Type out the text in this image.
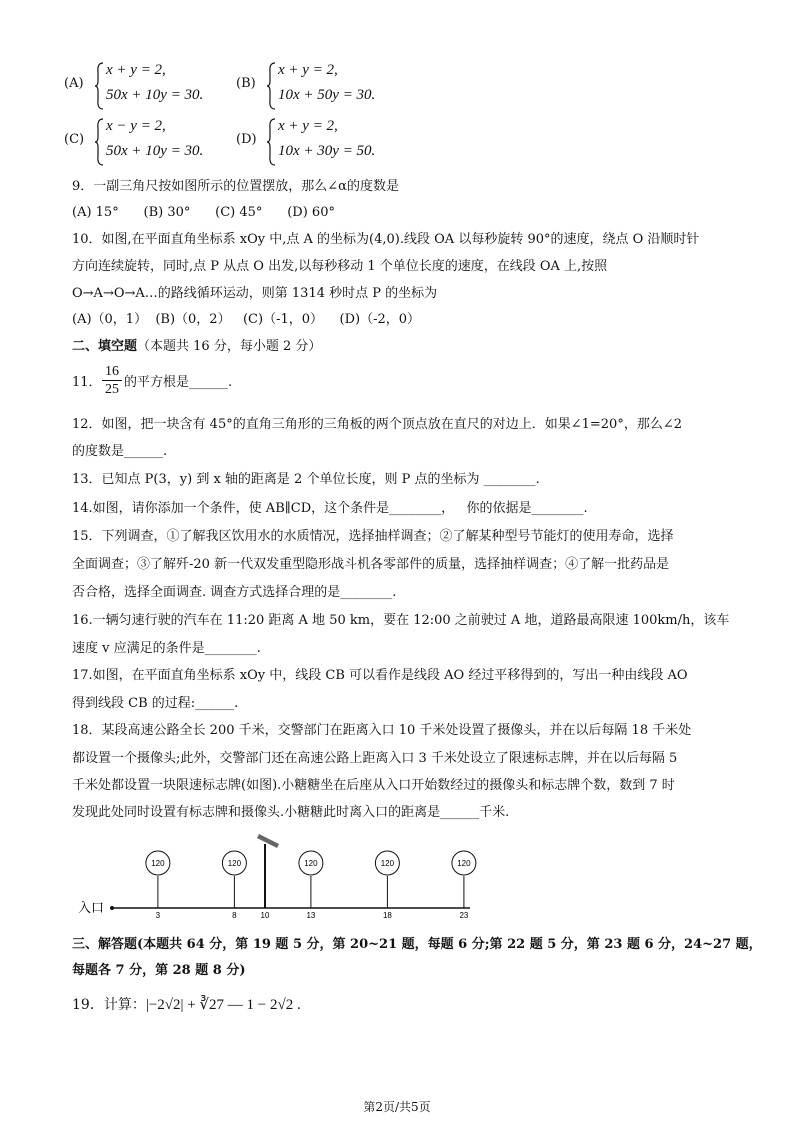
(A)
x + y = 2,
50x + 10y = 30.
(B)
x + y = 2,
10x + 50y = 30.
(C)
x − y = 2,
50x + 10y = 30.
(D)
x + y = 2,
10x + 30y = 50.
9．一副三角尺按如图所示的位置摆放，那么∠α的度数是
(A) 15°      (B) 30°      (C) 45°      (D) 60°
10．如图,在平面直角坐标系 xOy 中,点 A 的坐标为(4,0).线段 OA 以每秒旋转 90°的速度，绕点 O 沿顺时针
方向连续旋转，同时,点 P 从点 O 出发,以每秒移动 1 个单位长度的速度，在线段 OA 上,按照
O→A→O→A…的路线循环运动，则第 1314 秒时点 P 的坐标为
(A)（0，1）  (B)（0，2）   (C)（-1，0）    (D)（-2，0）
二、填空题（本题共 16 分，每小题 2 分）
11．
16
25 的平方根是______.
12．如图，把一块含有 45°的直角三角形的三角板的两个顶点放在直尺的对边上．如果∠1=20°，那么∠2
的度数是______.
13．已知点 P(3，y) 到 x 轴的距离是 2 个单位长度，则 P 点的坐标为 ________.
14.如图，请你添加一个条件，使 AB∥CD，这个条件是________，   你的依据是________.
15．下列调查，①了解我区饮用水的水质情况，选择抽样调查；②了解某种型号节能灯的使用寿命，选择
全面调查；③了解歼-20 新一代双发重型隐形战斗机各零部件的质量，选择抽样调查；④了解一批药品是
否合格，选择全面调查. 调查方式选择合理的是________.
16.一辆匀速行驶的汽车在 11:20 距离 A 地 50 km，要在 12:00 之前驶过 A 地，道路最高限速 100km/h，该车
速度 v 应满足的条件是________.
17.如图，在平面直角坐标系 xOy 中，线段 CB 可以看作是线段 AO 经过平移得到的，写出一种由线段 AO
得到线段 CB 的过程:______.
18．某段高速公路全长 200 千米，交警部门在距离入口 10 千米处设置了摄像头，并在以后每隔 18 千米处
都设置一个摄像头;此外，交警部门还在高速公路上距离入口 3 千米处设立了限速标志牌，并在以后每隔 5
千米处都设置一块限速标志牌(如图).小糖糖坐在后座从入口开始数经过的摄像头和标志牌个数，数到 7 时
发现此处同时设置有标志牌和摄像头.小糖糖此时离入口的距离是______千米.
入口
120	120	120	120	120
3	8	10	13	18	23
三、解答题(本题共 64 分，第 19 题 5 分，第 20~21 题，每题 6 分;第 22 题 5 分，第 23 题 6 分，24~27 题，
每题各 7 分，第 28 题 8 分)
19．计算：|−2√2| + ∛27 — 1 − 2√2 .
第2页/共5页
